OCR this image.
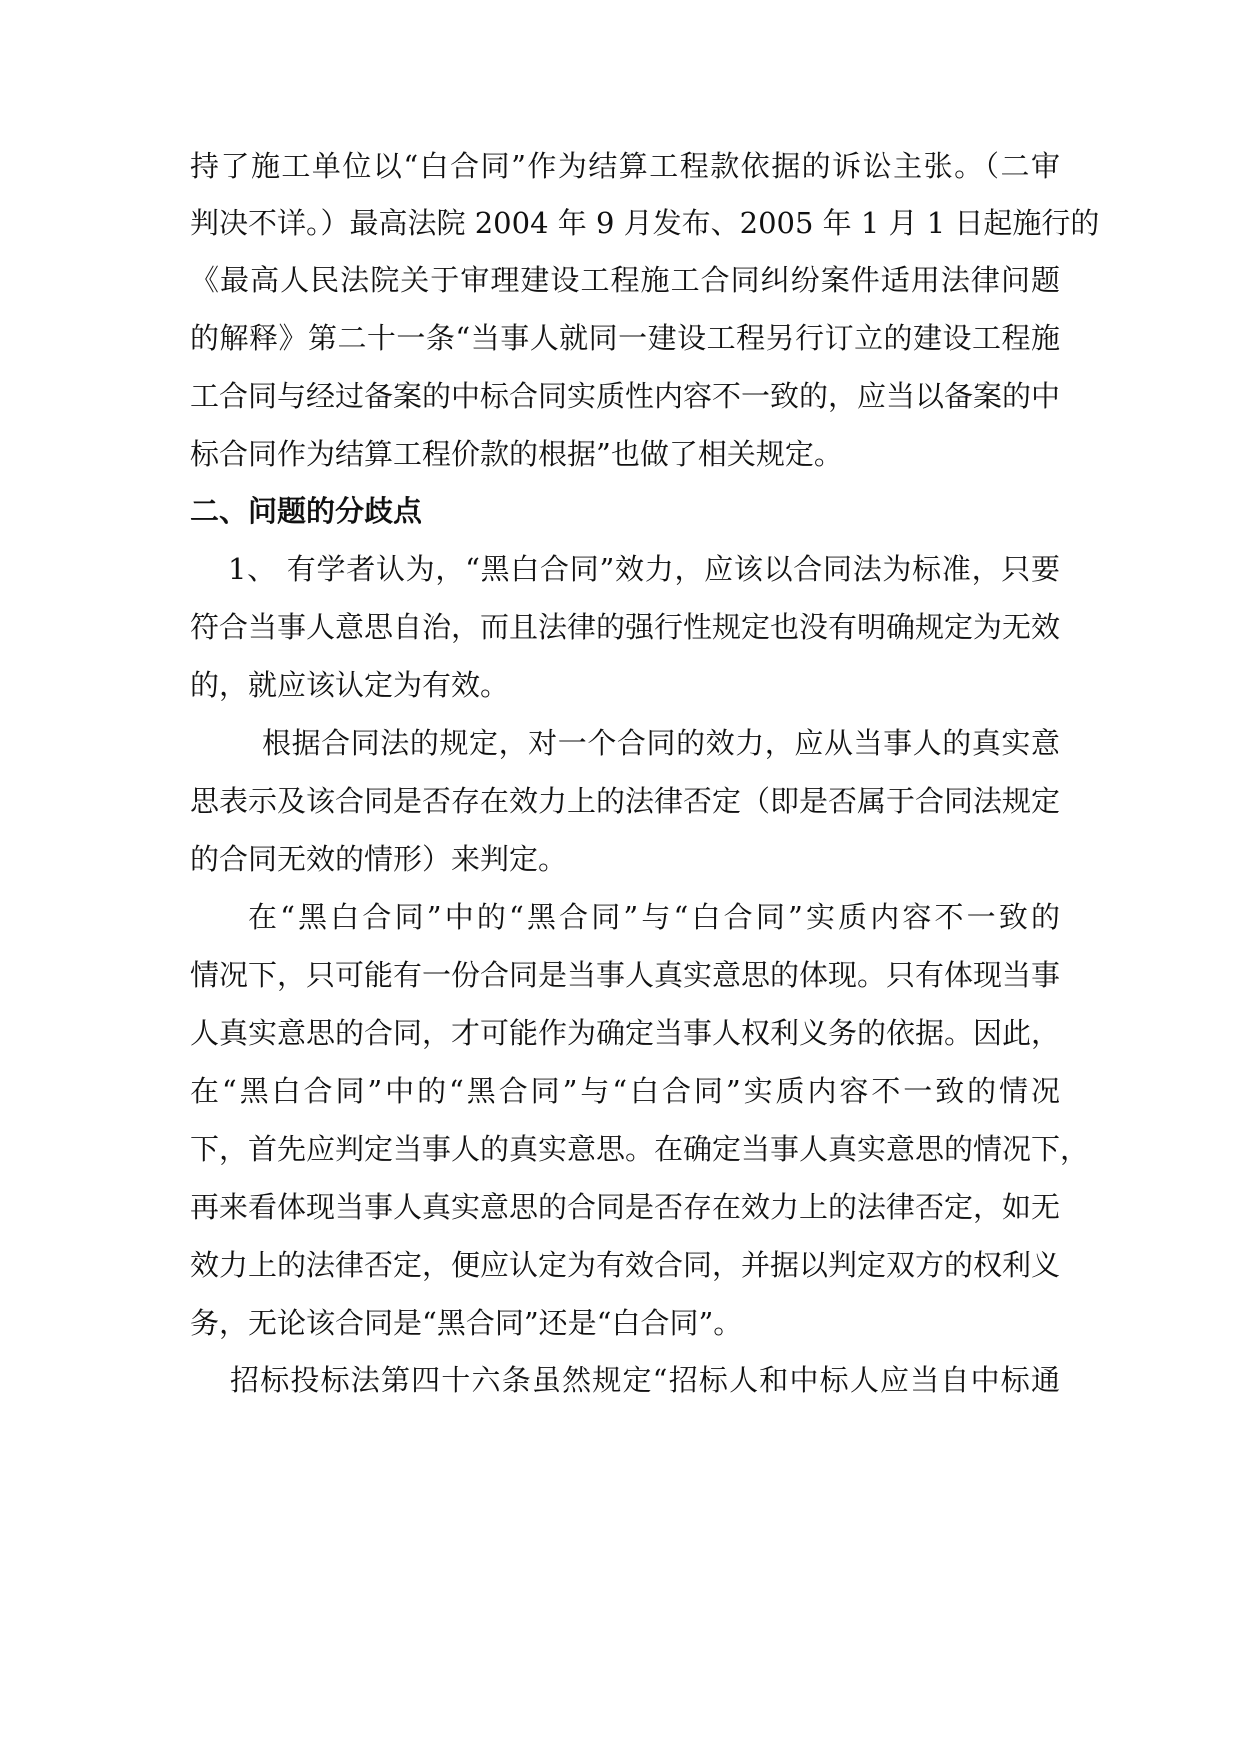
持了施工单位以“白合同”作为结算工程款依据的诉讼主张。（二审
判决不详。）最高法院 2004 年 9 月发布、2005 年 1 月 1 日起施行的
《最高人民法院关于审理建设工程施工合同纠纷案件适用法律问题
的解释》第二十一条“当事人就同一建设工程另行订立的建设工程施
工合同与经过备案的中标合同实质性内容不一致的，应当以备案的中
标合同作为结算工程价款的根据”也做了相关规定。
二、问题的分歧点
1、 有学者认为，“黑白合同”效力，应该以合同法为标准，只要
符合当事人意思自治，而且法律的强行性规定也没有明确规定为无效
的，就应该认定为有效。
根据合同法的规定，对一个合同的效力，应从当事人的真实意
思表示及该合同是否存在效力上的法律否定（即是否属于合同法规定
的合同无效的情形）来判定。
在“黑白合同”中的“黑合同”与“白合同”实质内容不一致的
情况下，只可能有一份合同是当事人真实意思的体现。只有体现当事
人真实意思的合同，才可能作为确定当事人权利义务的依据。因此，
在“黑白合同”中的“黑合同”与“白合同”实质内容不一致的情况
下，首先应判定当事人的真实意思。在确定当事人真实意思的情况下，
再来看体现当事人真实意思的合同是否存在效力上的法律否定，如无
效力上的法律否定，便应认定为有效合同，并据以判定双方的权利义
务，无论该合同是“黑合同”还是“白合同”。
招标投标法第四十六条虽然规定“招标人和中标人应当自中标通
